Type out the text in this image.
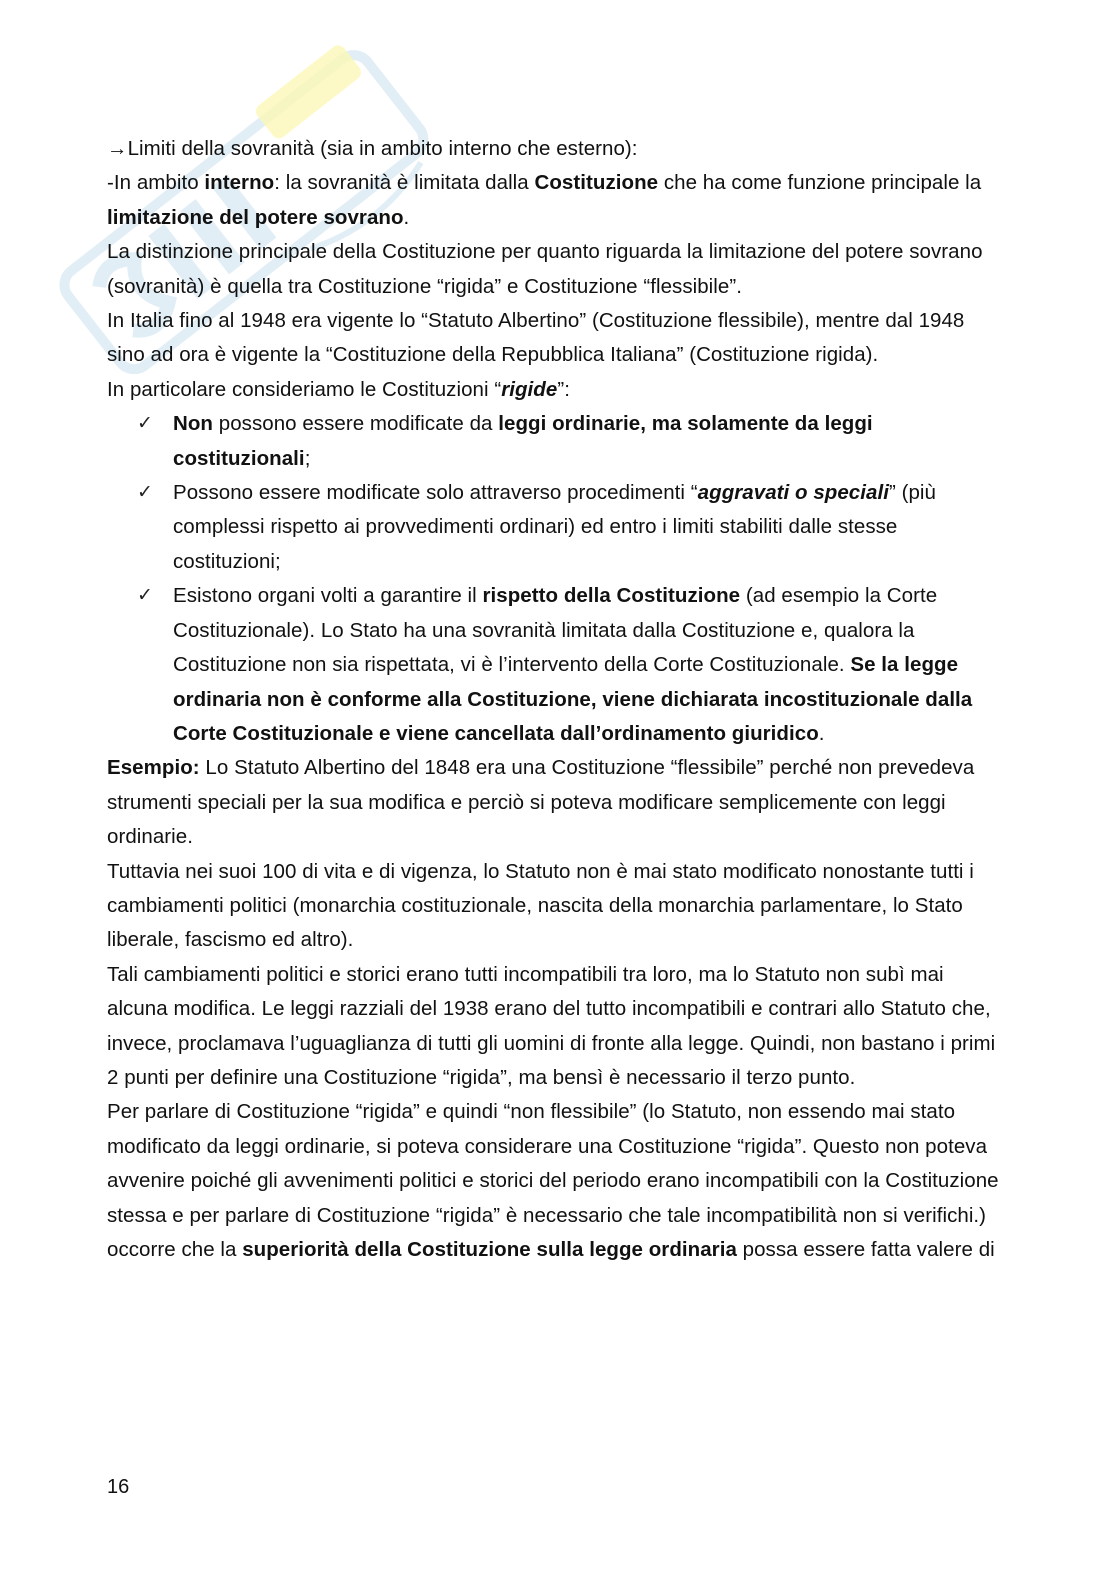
→Limiti della sovranità (sia in ambito interno che esterno):

-In ambito interno: la sovranità è limitata dalla Costituzione che ha come funzione principale la limitazione del potere sovrano.

La distinzione principale della Costituzione per quanto riguarda la limitazione del potere sovrano (sovranità) è quella tra Costituzione “rigida” e Costituzione “flessibile”.

In Italia fino al 1948 era vigente lo “Statuto Albertino” (Costituzione flessibile), mentre dal 1948 sino ad ora è vigente la “Costituzione della Repubblica Italiana” (Costituzione rigida).

In particolare consideriamo le Costituzioni “rigide”:

✓ Non possono essere modificate da leggi ordinarie, ma solamente da leggi costituzionali;
✓ Possono essere modificate solo attraverso procedimenti “aggravati o speciali” (più complessi rispetto ai provvedimenti ordinari) ed entro i limiti stabiliti dalle stesse costituzioni;
✓ Esistono organi volti a garantire il rispetto della Costituzione (ad esempio la Corte Costituzionale). Lo Stato ha una sovranità limitata dalla Costituzione e, qualora la Costituzione non sia rispettata, vi è l’intervento della Corte Costituzionale. Se la legge ordinaria non è conforme alla Costituzione, viene dichiarata incostituzionale dalla Corte Costituzionale e viene cancellata dall’ordinamento giuridico.

Esempio: Lo Statuto Albertino del 1848 era una Costituzione “flessibile” perché non prevedeva strumenti speciali per la sua modifica e perciò si poteva modificare semplicemente con leggi ordinarie.

Tuttavia nei suoi 100 di vita e di vigenza, lo Statuto non è mai stato modificato nonostante tutti i cambiamenti politici (monarchia costituzionale, nascita della monarchia parlamentare, lo Stato liberale, fascismo ed altro).

Tali cambiamenti politici e storici erano tutti incompatibili tra loro, ma lo Statuto non subì mai alcuna modifica. Le leggi razziali del 1938 erano del tutto incompatibili e contrari allo Statuto che, invece, proclamava l’uguaglianza di tutti gli uomini di fronte alla legge. Quindi, non bastano i primi 2 punti per definire una Costituzione “rigida”, ma bensì è necessario il terzo punto.

Per parlare di Costituzione “rigida” e quindi “non flessibile” (lo Statuto, non essendo mai stato modificato da leggi ordinarie, si poteva considerare una Costituzione “rigida”. Questo non poteva avvenire poiché gli avvenimenti politici e storici del periodo erano incompatibili con la Costituzione stessa e per parlare di Costituzione “rigida” è necessario che tale incompatibilità non si verifichi.) occorre che la superiorità della Costituzione sulla legge ordinaria possa essere fatta valere di

16
